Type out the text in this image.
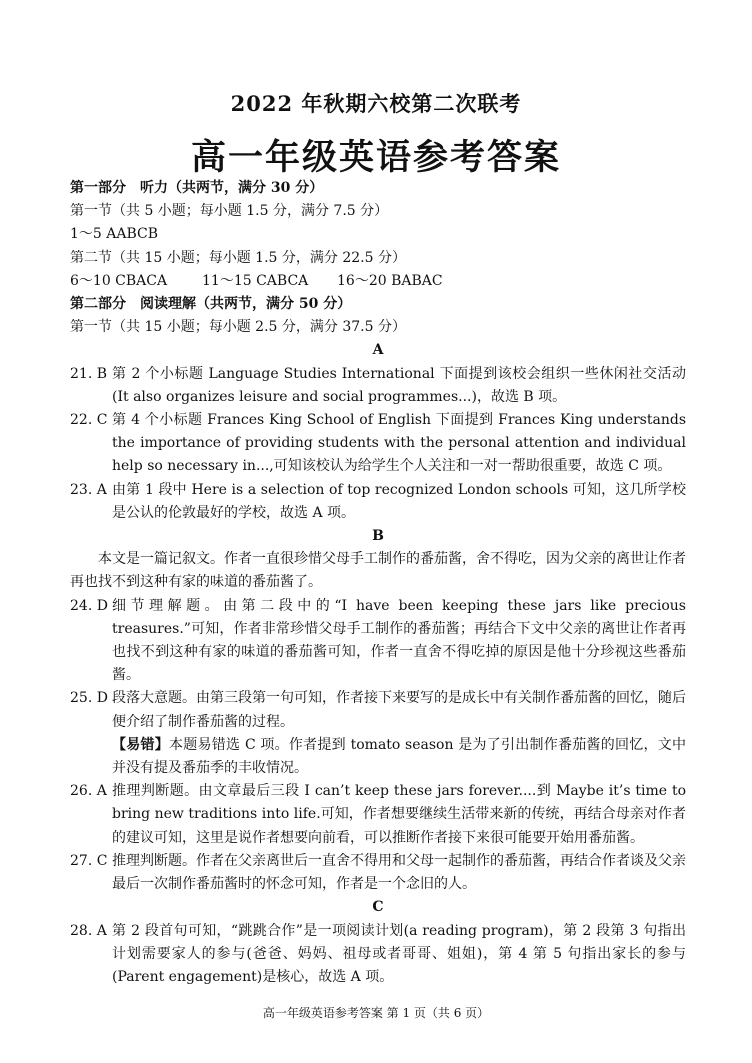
2022 年秋期六校第二次联考
高一年级英语参考答案
第一部分　听力（共两节，满分 30 分）
第一节（共 5 小题；每小题 1.5 分，满分 7.5 分）
1～5 AABCB
第二节（共 15 小题；每小题 1.5 分，满分 22.5 分）
6～10 CBACA	11～15 CABCA	16～20 BABAC
第二部分　阅读理解（共两节，满分 50 分）
第一节（共 15 小题；每小题 2.5 分，满分 37.5 分）
A
21. B 第 2 个小标题 Language Studies International 下面提到该校会组织一些休闲社交活动(It also organizes leisure and social programmes...)，故选 B 项。
22. C 第 4 个小标题 Frances King School of English 下面提到 Frances King understands the importance of providing students with the personal attention and individual help so necessary in...,可知该校认为给学生个人关注和一对一帮助很重要，故选 C 项。
23. A 由第 1 段中 Here is a selection of top recognized London schools 可知，这几所学校是公认的伦敦最好的学校，故选 A 项。
B
本文是一篇记叙文。作者一直很珍惜父母手工制作的番茄酱，舍不得吃，因为父亲的离世让作者再也找不到这种有家的味道的番茄酱了。
24. D 细节理解题。由第二段中的“I have been keeping these jars like precious treasures.”可知，作者非常珍惜父母手工制作的番茄酱；再结合下文中父亲的离世让作者再也找不到这种有家的味道的番茄酱可知，作者一直舍不得吃掉的原因是他十分珍视这些番茄酱。
25. D 段落大意题。由第三段第一句可知，作者接下来要写的是成长中有关制作番茄酱的回忆，随后便介绍了制作番茄酱的过程。
【易错】本题易错选 C 项。作者提到 tomato season 是为了引出制作番茄酱的回忆，文中并没有提及番茄季的丰收情况。
26. A 推理判断题。由文章最后三段 I can’t keep these jars forever....到 Maybe it’s time to bring new traditions into life.可知，作者想要继续生活带来新的传统，再结合母亲对作者的建议可知，这里是说作者想要向前看，可以推断作者接下来很可能要开始用番茄酱。
27. C 推理判断题。作者在父亲离世后一直舍不得用和父母一起制作的番茄酱，再结合作者谈及父亲最后一次制作番茄酱时的怀念可知，作者是一个念旧的人。
C
28. A 第 2 段首句可知，“跳跳合作”是一项阅读计划(a reading program)，第 2 段第 3 句指出计划需要家人的参与(爸爸、妈妈、祖母或者哥哥、姐姐)，第 4 第 5 句指出家长的参与(Parent engagement)是核心，故选 A 项。
高一年级英语参考答案 第 1 页（共 6 页）
